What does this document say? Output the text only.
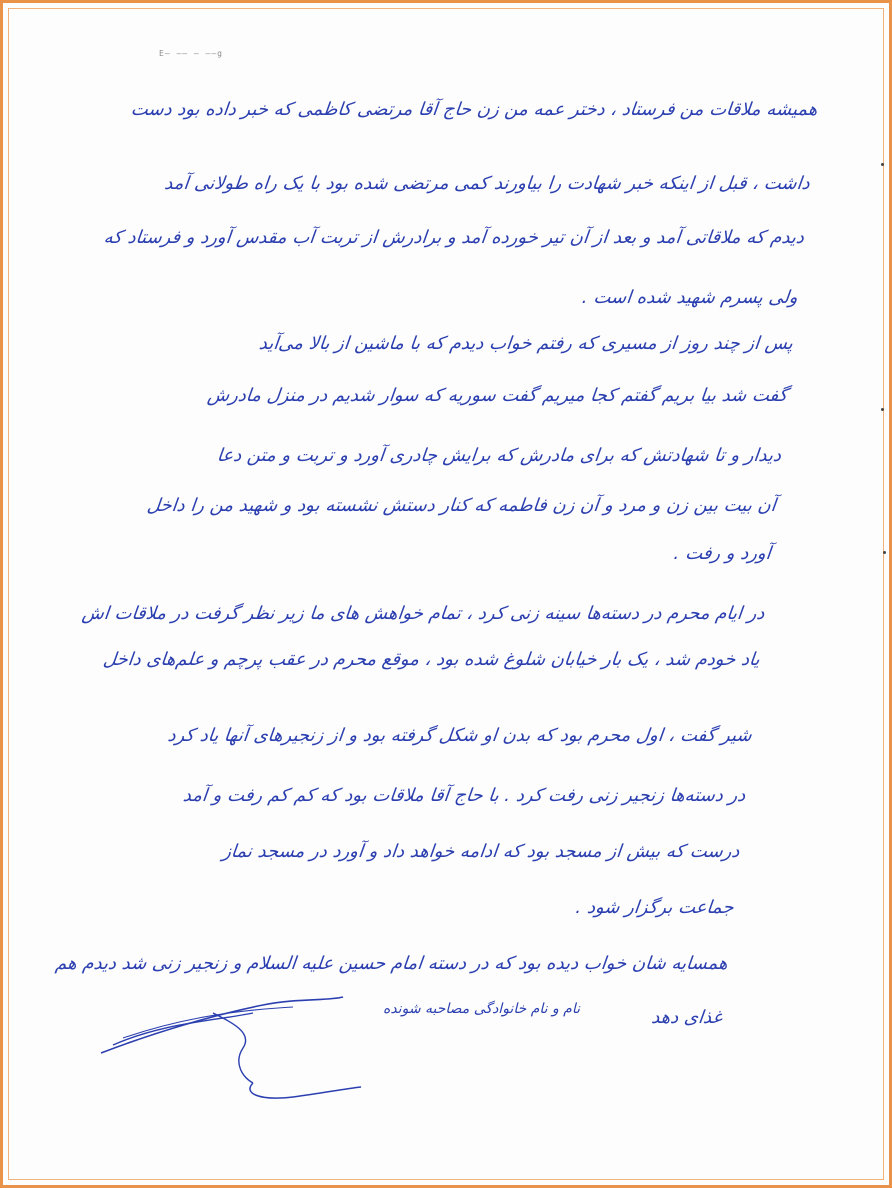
E— —— — ——g
همیشه ملاقات من فرستاد ، دختر عمه من زن حاج آقا مرتضی کاظمی که خبر داده بود دست
داشت ، قبل از اینکه خبر شهادت را بیاورند کمی مرتضی شده بود با یک راه طولانی آمد
دیدم که ملاقاتی آمد و بعد از آن تیر خورده آمد و برادرش از تربت آب مقدس آورد و فرستاد که
ولی پسرم شهید شده است .
پس از چند روز از مسیری که رفتم خواب دیدم که با ماشین از بالا می‌آید
گفت شد بیا بریم گفتم کجا میریم گفت سوریه که سوار شدیم در منزل مادرش
دیدار و تا شهادتش که برای مادرش که برایش چادری آورد و تربت و متن دعا
آن بیت بین زن و مرد و آن زن فاطمه که کنار دستش نشسته بود و شهید من را داخل
آورد و رفت .
در ایام محرم در دسته‌ها سینه زنی کرد ، تمام خواهش های ما زیر نظر گرفت در ملاقات اش
یاد خودم شد ، یک بار خیابان شلوغ شده بود ، موقع محرم در عقب پرچم و علم‌های داخل
شیر گفت ، اول محرم بود که بدن او شکل گرفته بود و از زنجیرهای آنها یاد کرد
در دسته‌ها زنجیر زنی رفت کرد . با حاج آقا ملاقات بود که کم کم رفت و آمد
درست که بیش از مسجد بود که ادامه خواهد داد و آورد در مسجد نماز
جماعت برگزار شود .
همسایه شان خواب دیده بود که در دسته امام حسین علیه السلام و زنجیر زنی شد دیدم هم
غذای دهد
نام و نام خانوادگی مصاحبه شونده
